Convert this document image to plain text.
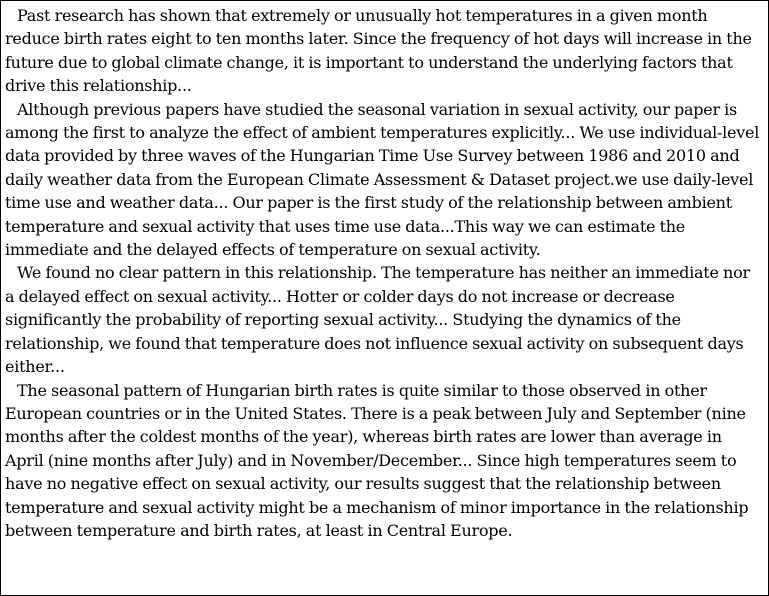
Past research has shown that extremely or unusually hot temperatures in a given month reduce birth rates eight to ten months later. Since the frequency of hot days will increase in the future due to global climate change, it is important to understand the underlying factors that drive this relationship...

Although previous papers have studied the seasonal variation in sexual activity, our paper is among the first to analyze the effect of ambient temperatures explicitly... We use individual-level data provided by three waves of the Hungarian Time Use Survey between 1986 and 2010 and daily weather data from the European Climate Assessment & Dataset project.we use daily-level time use and weather data... Our paper is the first study of the relationship between ambient temperature and sexual activity that uses time use data...This way we can estimate the immediate and the delayed effects of temperature on sexual activity.

We found no clear pattern in this relationship. The temperature has neither an immediate nor a delayed effect on sexual activity... Hotter or colder days do not increase or decrease significantly the probability of reporting sexual activity... Studying the dynamics of the relationship, we found that temperature does not influence sexual activity on subsequent days either...

The seasonal pattern of Hungarian birth rates is quite similar to those observed in other European countries or in the United States. There is a peak between July and September (nine months after the coldest months of the year), whereas birth rates are lower than average in April (nine months after July) and in November/December... Since high temperatures seem to have no negative effect on sexual activity, our results suggest that the relationship between temperature and sexual activity might be a mechanism of minor importance in the relationship between temperature and birth rates, at least in Central Europe.
